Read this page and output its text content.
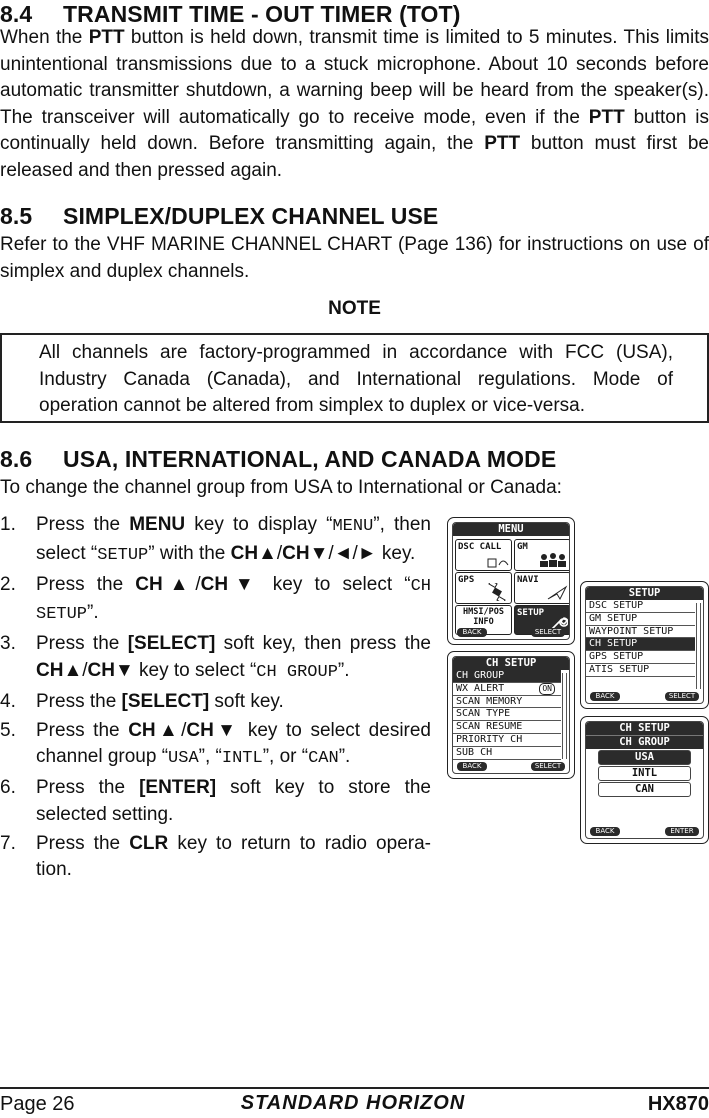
8.4 TRANSMIT TIME - OUT TIMER (TOT)
When the PTT button is held down, transmit time is limited to 5 minutes. This limits unintentional transmissions due to a stuck microphone. About 10 seconds before automatic transmitter shutdown, a warning beep will be heard from the speaker(s). The transceiver will automatically go to receive mode, even if the PTT button is continually held down. Before transmitting again, the PTT button must first be released and then pressed again.
8.5 SIMPLEX/DUPLEX CHANNEL USE
Refer to the VHF MARINE CHANNEL CHART (Page 136) for instructions on use of simplex and duplex channels.
NOTE
All channels are factory-programmed in accordance with FCC (USA), Industry Canada (Canada), and International regulations. Mode of operation cannot be altered from simplex to duplex or vice-versa.
8.6 USA, INTERNATIONAL, AND CANADA MODE
To change the channel group from USA to International or Canada:
1. Press the MENU key to display “MENU”, then select “SETUP” with the CH▲/CH▼/◄/► key.
2. Press the CH▲/CH▼ key to select “CH SETUP”.
3. Press the [SELECT] soft key, then press the CH▲/CH▼ key to select “CH GROUP”.
4. Press the [SELECT] soft key.
5. Press the CH▲/CH▼ key to select desired channel group “USA”, “INTL”, or “CAN”.
6. Press the [ENTER] soft key to store the selected setting.
7. Press the CLR key to return to radio opera-tion.
MENU
DSC CALL GM
GPS	NAVI
HMSI/POS INFO
SETUP
BACK	SELECT
SETUP
DSC SETUP
GM SETUP
WAYPOINT SETUP
CH SETUP
GPS SETUP
ATIS SETUP
BACK	SELECT
CH SETUP
CH GROUP
WX ALERT	ON
SCAN MEMORY
SCAN TYPE
SCAN RESUME
PRIORITY CH
SUB CH
BACK	SELECT
CH SETUP
CH GROUP
USA
INTL
CAN
BACK	ENTER
Page 26	STANDARD HORIZON	HX870
